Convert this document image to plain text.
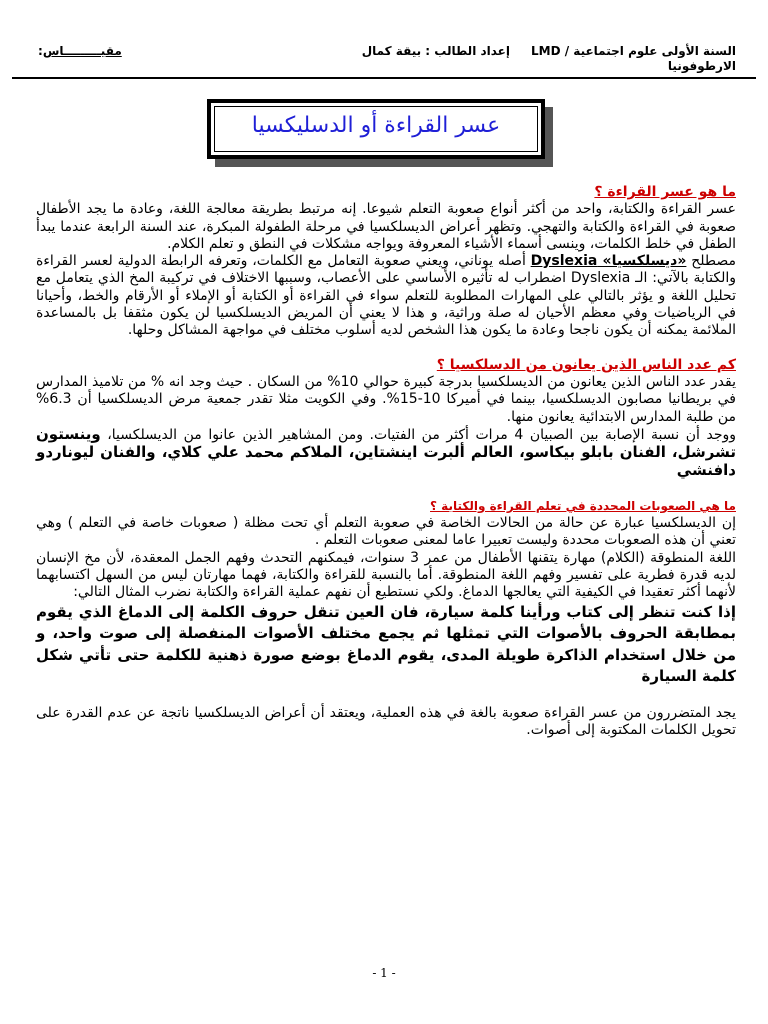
السنة الأولى علوم اجتماعية / LMD
الارطوفونيا
إعداد الطالب : بيقة كمال
مقيـــــــــاس:
عسر القراءة أو الدسليكسيا

ما هو عسر القراءة ؟

عسر القراءة والكتابة، واحد من أكثر أنواع صعوبة التعلم شيوعا. إنه مرتبط بطريقة معالجة اللغة، وعادة ما يجد الأطفال صعوبة في القراءة والكتابة والتهجي. وتظهر أعراض الديسلكسيا في مرحلة الطفولة المبكرة، عند السنة الرابعة عندما يبدأ الطفل في خلط الكلمات، وينسى أسماء الأشياء المعروفة ويواجه مشكلات في النطق و تعلم الكلام.

مصطلح «ديسلكسيا» Dyslexia أصله يوناني، ويعني صعوبة التعامل مع الكلمات، وتعرفه الرابطة الدولية لعسر القراءة والكتابة بالآتي: الـ Dyslexia اضطراب له تأثيره الأساسي على الأعصاب، وسببها الاختلاف في تركيبة المخ الذي يتعامل مع تحليل اللغة و يؤثر بالتالي على المهارات المطلوبة للتعلم سواء في القراءة أو الكتابة أو الإملاء أو الأرقام والخط، وأحيانا في الرياضيات وفي معظم الأحيان له صلة وراثية، و هذا لا يعني أن المريض الديسلكسيا لن يكون مثقفا بل بالمساعدة الملائمة يمكنه أن يكون ناجحا وعادة ما يكون هذا الشخص لديه أسلوب مختلف في مواجهة المشاكل وحلها.

كم عدد الناس الذين يعانون من الدسلكسيا ؟

يقدر عدد الناس الذين يعانون من الديسلكسيا بدرجة كبيرة حوالي 10% من السكان . حيث وجد انه % من تلاميذ المدارس في بريطانيا مصابون الديسلكسيا، بينما في أميركا 10-15%. وفي الكويت مثلا تقدر جمعية مرض الديسلكسيا أن 6.3% من طلبة المدارس الابتدائية يعانون منها.

ووجد أن نسبة الإصابة بين الصبيان 4 مرات أكثر من الفتيات. ومن المشاهير الذين عانوا من الديسلكسيا، وينستون تشرشل، الفنان بابلو بيكاسو، العالم ألبرت اينشتاين، الملاكم محمد علي كلاي، والفنان ليوناردو دافنشي

ما هي الصعوبات المحددة في تعلم القراءة والكتابة ؟

إن الديسلكسيا عبارة عن حالة من الحالات الخاصة في صعوبة التعلم أي تحت مظلة ( صعوبات خاصة في التعلم ) وهي تعني أن هذه الصعوبات محددة وليست تعبيرا عاما لمعنى صعوبات التعلم .

اللغة المنطوقة (الكلام) مهارة يتقنها الأطفال من عمر 3 سنوات، فيمكنهم التحدث وفهم الجمل المعقدة، لأن مخ الإنسان لديه قدرة فطرية على تفسير وفهم اللغة المنطوقة. أما بالنسبة للقراءة والكتابة، فهما مهارتان ليس من السهل اكتسابهما لأنهما أكثر تعقيدا في الكيفية التي يعالجها الدماغ. ولكي نستطيع أن نفهم عملية القراءة والكتابة نضرب المثال التالي:

إذا كنت تنظر إلى كتاب ورأينا كلمة سيارة، فان العين تنقل حروف الكلمة إلى الدماغ الذي يقوم بمطابقة الحروف بالأصوات التي تمثلها ثم يجمع مختلف الأصوات المنفصلة إلى صوت واحد، و من خلال استخدام الذاكرة طويلة المدى، يقوم الدماغ بوضع صورة ذهنية للكلمة حتى تأتي شكل كلمة السيارة

يجد المتضررون من عسر القراءة صعوبة بالغة في هذه العملية، ويعتقد أن أعراض الديسلكسيا ناتجة عن عدم القدرة على تحويل الكلمات المكتوبة إلى أصوات.

- 1 -
